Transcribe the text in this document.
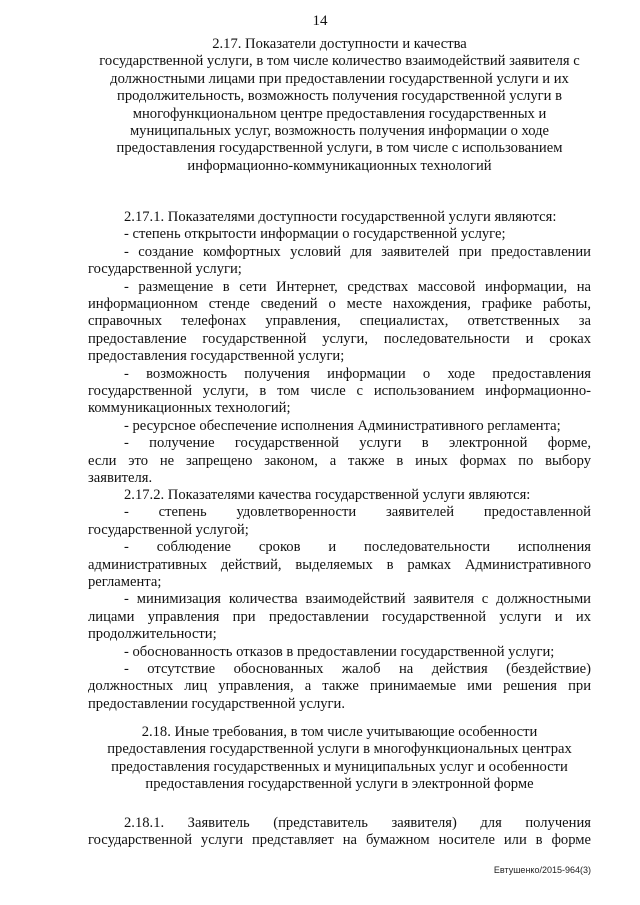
14
2.17. Показатели доступности и качества
государственной услуги, в том числе количество взаимодействий заявителя с
должностными лицами при предоставлении государственной услуги и их
продолжительность, возможность получения государственной услуги в
многофункциональном центре предоставления государственных и
муниципальных услуг, возможность получения информации о ходе
предоставления государственной услуги, в том числе с использованием
информационно-коммуникационных технологий

2.17.1. Показателями доступности государственной услуги являются:

- степень открытости информации о государственной услуге;

- создание комфортных условий для заявителей при предоставлении

государственной услуги;

- размещение в сети Интернет, средствах массовой информации, на

информационном стенде сведений о месте нахождения, графике работы,

справочных телефонах управления, специалистах, ответственных за

предоставление государственной услуги, последовательности и сроках

предоставления государственной услуги;

- возможность получения информации о ходе предоставления

государственной услуги, в том числе с использованием информационно-

коммуникационных технологий;

- ресурсное обеспечение исполнения Административного регламента;

- получение государственной услуги в электронной форме,

если это не запрещено законом, а также в иных формах по выбору

заявителя.

2.17.2. Показателями качества государственной услуги являются:

- степень удовлетворенности заявителей предоставленной

государственной услугой;

- соблюдение сроков и последовательности исполнения

административных действий, выделяемых в рамках Административного

регламента;

- минимизация количества взаимодействий заявителя с должностными

лицами управления при предоставлении государственной услуги и их

продолжительности;

- обоснованность отказов в предоставлении государственной услуги;

- отсутствие обоснованных жалоб на действия (бездействие)

должностных лиц управления, а также принимаемые ими решения при

предоставлении государственной услуги.

2.18. Иные требования, в том числе учитывающие особенности
предоставления государственной услуги в многофункциональных центрах
предоставления государственных и муниципальных услуг и особенности
предоставления государственной услуги в электронной форме

2.18.1. Заявитель (представитель заявителя) для получения

государственной услуги представляет на бумажном носителе или в форме

Евтушенко/2015-964(3)
